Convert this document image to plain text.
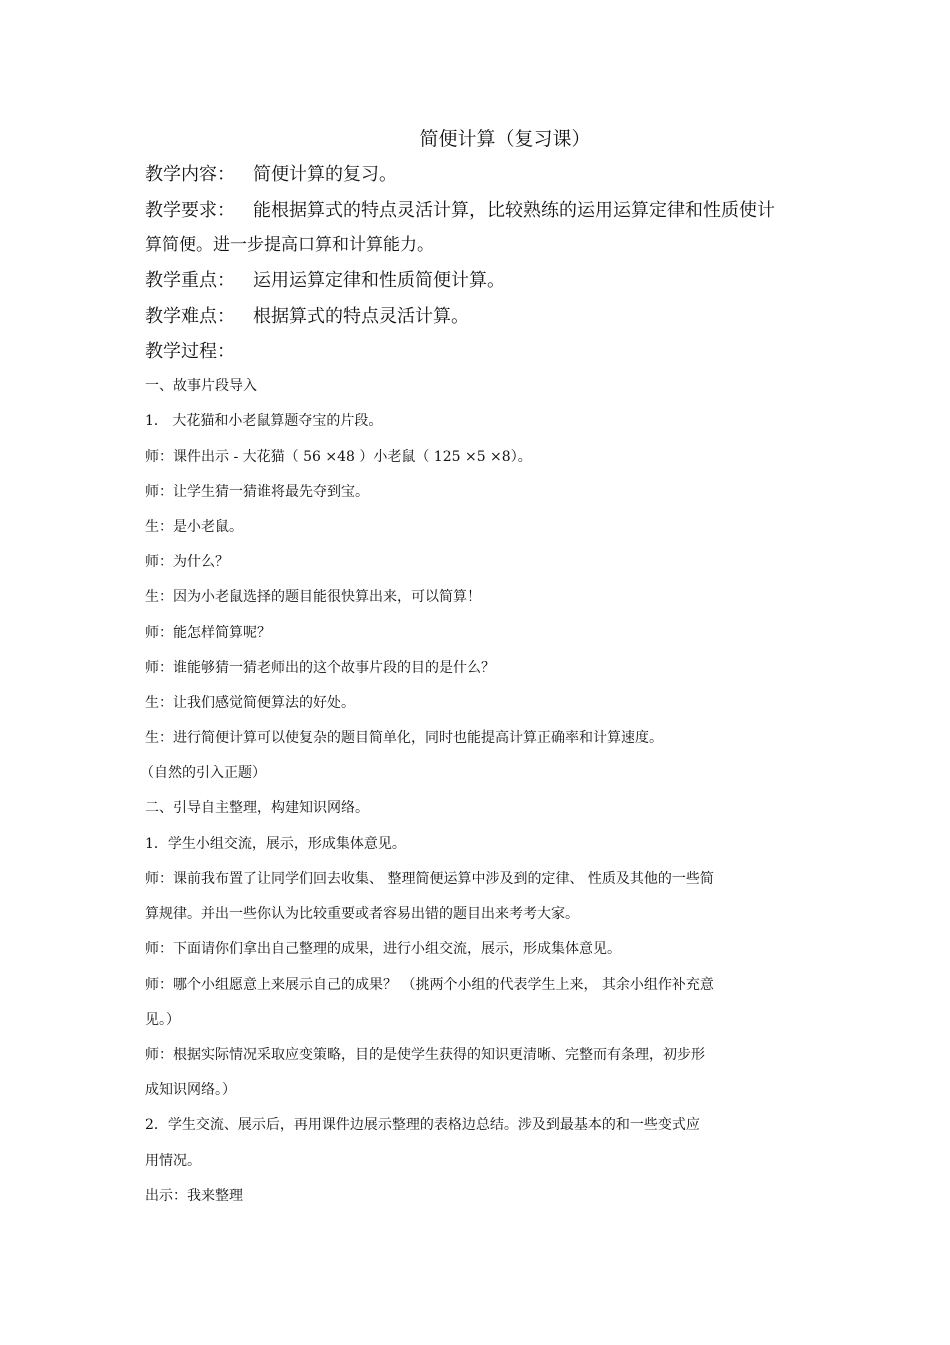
简便计算（复习课）
教学内容： 简便计算的复习。
教学要求： 能根据算式的特点灵活计算，比较熟练的运用运算定律和性质使计
算简便。进一步提高口算和计算能力。
教学重点： 运用运算定律和性质简便计算。
教学难点： 根据算式的特点灵活计算。
教学过程：
一、故事片段导入
1． 大花猫和小老鼠算题夺宝的片段。
师：课件出示 - 大花猫（ 56 ×48 ）小老鼠（ 125 ×5 ×8）。
师：让学生猜一猜谁将最先夺到宝。
生：是小老鼠。
师：为什么？
生：因为小老鼠选择的题目能很快算出来，可以简算！
师：能怎样简算呢？
师：谁能够猜一猜老师出的这个故事片段的目的是什么？
生：让我们感觉简便算法的好处。
生：进行简便计算可以使复杂的题目简单化，同时也能提高计算正确率和计算速度。
（自然的引入正题）
二、引导自主整理，构建知识网络。
1．学生小组交流，展示，形成集体意见。
师：课前我布置了让同学们回去收集、 整理简便运算中涉及到的定律、 性质及其他的一些简
算规律。并出一些你认为比较重要或者容易出错的题目出来考考大家。
师：下面请你们拿出自己整理的成果，进行小组交流，展示，形成集体意见。
师：哪个小组愿意上来展示自己的成果？ （挑两个小组的代表学生上来， 其余小组作补充意
见。）
师：根据实际情况采取应变策略，目的是使学生获得的知识更清晰、完整而有条理，初步形
成知识网络。）
2．学生交流、展示后，再用课件边展示整理的表格边总结。涉及到最基本的和一些变式应
用情况。
出示：我来整理
